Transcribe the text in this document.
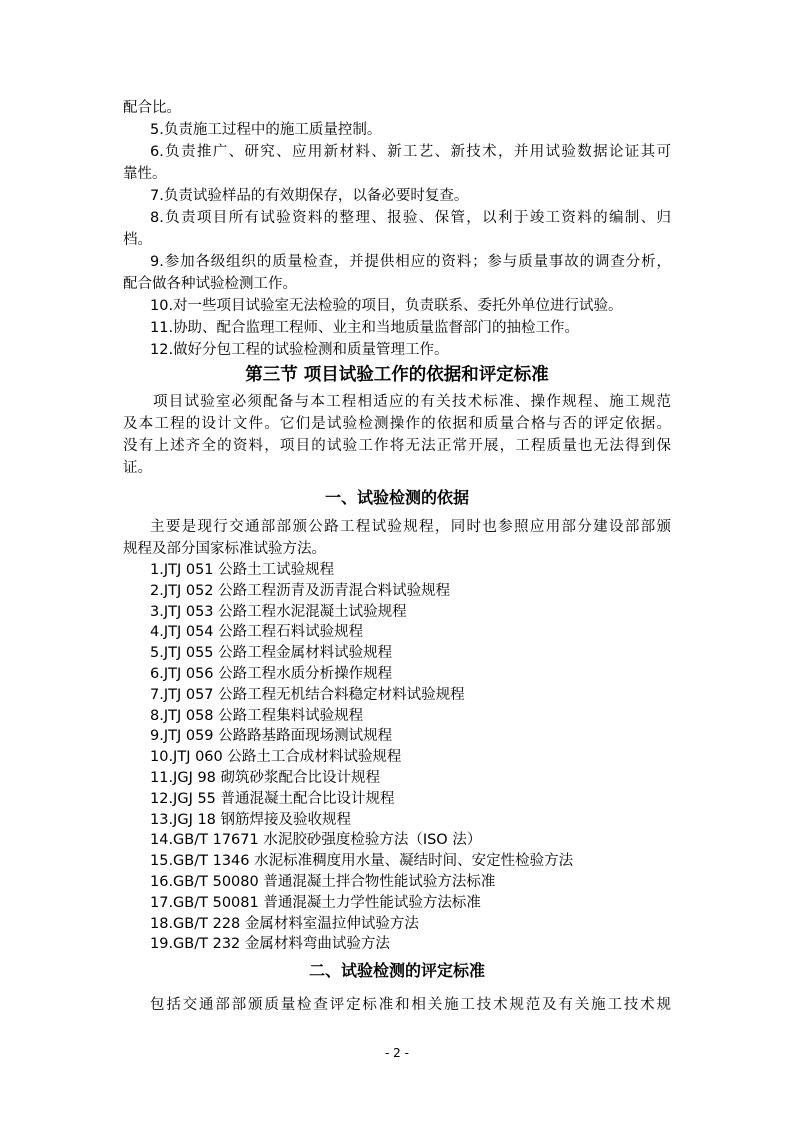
配合比。
5.负责施工过程中的施工质量控制。
6.负责推广、研究、应用新材料、新工艺、新技术，并用试验数据论证其可
靠性。
7.负责试验样品的有效期保存，以备必要时复查。
8.负责项目所有试验资料的整理、报验、保管，以利于竣工资料的编制、归
档。
9.参加各级组织的质量检查，并提供相应的资料；参与质量事故的调查分析，
配合做各种试验检测工作。
10.对一些项目试验室无法检验的项目，负责联系、委托外单位进行试验。
11.协助、配合监理工程师、业主和当地质量监督部门的抽检工作。
12.做好分包工程的试验检测和质量管理工作。
第三节 项目试验工作的依据和评定标准
项目试验室必须配备与本工程相适应的有关技术标准、操作规程、施工规范
及本工程的设计文件。它们是试验检测操作的依据和质量合格与否的评定依据。
没有上述齐全的资料，项目的试验工作将无法正常开展，工程质量也无法得到保
证。
一、试验检测的依据
主要是现行交通部部颁公路工程试验规程，同时也参照应用部分建设部部颁
规程及部分国家标准试验方法。
1.JTJ 051 公路土工试验规程
2.JTJ 052 公路工程沥青及沥青混合料试验规程
3.JTJ 053 公路工程水泥混凝土试验规程
4.JTJ 054 公路工程石料试验规程
5.JTJ 055 公路工程金属材料试验规程
6.JTJ 056 公路工程水质分析操作规程
7.JTJ 057 公路工程无机结合料稳定材料试验规程
8.JTJ 058 公路工程集料试验规程
9.JTJ 059 公路路基路面现场测试规程
10.JTJ 060 公路土工合成材料试验规程
11.JGJ 98 砌筑砂浆配合比设计规程
12.JGJ 55 普通混凝土配合比设计规程
13.JGJ 18 钢筋焊接及验收规程
14.GB/T 17671 水泥胶砂强度检验方法（ISO 法）
15.GB/T 1346 水泥标准稠度用水量、凝结时间、安定性检验方法
16.GB/T 50080 普通混凝土拌合物性能试验方法标准
17.GB/T 50081 普通混凝土力学性能试验方法标准
18.GB/T 228 金属材料室温拉伸试验方法
19.GB/T 232 金属材料弯曲试验方法
二、试验检测的评定标准
包括交通部部颁质量检查评定标准和相关施工技术规范及有关施工技术规
- 2 -
